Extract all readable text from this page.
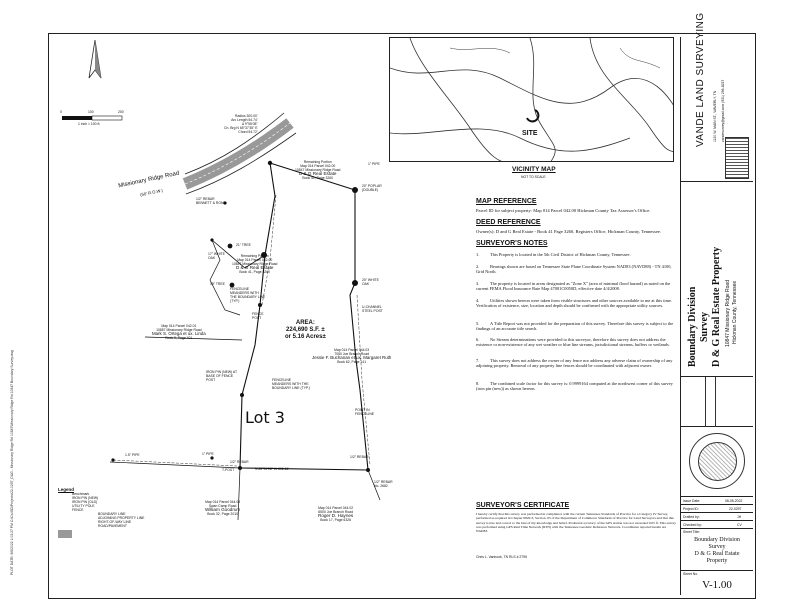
PLOT DATE: 9/6/2022 1:03:27 PM C:\Civil3D\Projects\22-0297_D&G - Missionary Ridge Rd 10847\Missionary Ridge Rd 10847 Boundary Survey.dwg
0	100	200
1 inch = 100 ft.
Missionary Ridge Road
(50' R.O.W.)
Radius 300.00'
Arc Length 54.74'
Δ 9°55'08"
Ch. Brg N 65°37'35" E
Chord 54.72'
Remaining Portion
Map 014 Parcel 042.00
10847 Missionary Ridge Road
D & G Real Estate
Book 41, Page 3260
Remaining Portion
Map 014 Parcel 042.00
10847 Missionary Ridge Road
D & G Real Estate
Book 41, Page 3260
AREA:
224,690 S.F. ±
or 5.16 Acres±
Lot 3
Map 014 Parcel 042.01
10857 Missionary Ridge Road
Mark S. Ortega et ux. Linda
Book 9, Page 401
Map 014 Parcel 044.03
7050 Joe Branch Road
Jessie F. Buchanan et ux. Margaret Ruth
Book 62, Page 141
Map 014 Parcel 044.08
Swan Camp Road
William Goodrum
Book 32, Page 2010
Map 014 Parcel 044.02
6500 Joe Branch Road
Roger D. Haynes
Book 17, Page 6326
1/2" REBAR
BENNETT & RONS
1" PIPE
20" POPLAR (DOUBLE)
21" TREE
17" WHITE OAK
18" TREE
20" WHITE OAK
FENCE POST
U-CHANNEL STEEL POST
IRON PIN (NEW) AT BASE OF FENCE POST
POINT IN FENCELINE
1/2" REBAR
1/2" REBAR
1" PIPE
1.5" PIPE
T-POST
FENCELINE MEANDERS WITH THE BOUNDARY LINE (TYP.)
FENCELINE MEANDERS WITH THE BOUNDARY LINE (TYP.)
N 88°34'58" W 392.15'
1/2" REBAR No. 2682
Legend
Benchmark
IRON PIN (NEW)
IRON PIN (OLD)
UTILITY POLE
FENCE
BOUNDARY LINE
ADJOINING PROPERTY LINE
RIGHT-OF-WAY LINE
ROAD/PAVEMENT
SITE
VICINITY MAP
NOT TO SCALE
MAP REFERENCE
Parcel ID for subject property: Map 014 Parcel 042.00 Hickman County Tax Assessor's Office.
DEED REFERENCE
Owner(s): D and G Real Estate - Book 41 Page 3260, Registers Office, Hickman County, Tennessee.
SURVEYOR'S NOTES
1. This Property is located in the 5th Civil District of Hickman County, Tennessee.
2. Bearings shown are based on Tennessee State Plane Coordinate System NAD83 (NAVD88) - TN 4100, Grid North.
3. The property is located in areas designated as "Zone X" (area of minimal flood hazard) as noted on the current FEMA Flood Insurance Rate Map 47081C0050D, effective date 4/4/2008.
4. Utilities shown hereon were taken from visible structures and other sources available to me at this time. Verification of existence, size, location and depth should be confirmed with the appropriate utility sources.
5. A Title Report was not provided for the preparation of this survey. Therefore this survey is subject to the findings of an accurate title search.
6. No Stream determinations were provided to this surveyor, therefore this survey does not address the existence or non-existence of any wet weather or blue line streams, jurisdictional streams, buffers or wetlands.
7. This survey does not address the owner of any fence nor address any adverse claim of ownership of any adjoining property. Removal of any property line fences should be coordinated with adjacent owner.
8. The combined scale factor for this survey is: 0.9999164 computed at the northwest corner of this survey (iron pin (new)) as shown hereon.
SURVEYOR'S CERTIFICATE
I hereby certify that this survey was performed in compliance with the current Tennessee Standards of Practice for a Category IV Survey, performed as required in Chapter 0820-3, Section .05 of the Department of Commerce Standards of Practice for Land Surveyors and that this survey is true and correct to the best of my knowledge and belief. Positional accuracy of the GPS station was not exceeded 0.05 ft. This survey was performed using GPS Real Time Network (RTN) with the Tennessee Geodetic Reference Network. Coordinates reported herein are NAD83.
Chris L. Vanhook, TN RLS # 2795
VANDE LAND SURVEYING 1120 W. MAIN ST., WAVERLY, TN vandesurvey@gmail.com (931) 296-8237
Boundary Division Survey D & G Real Estate Property 10847 Missionary Ridge Road Hickman County, Tennessee
Issue Date:	08-05-2022
Project ID:	22-0297
Drafted by:	JH
Checked by:	CV
Sheet Title:
Boundary Division
Survey
D & G Real Estate
Property
Sheet No.
V-1.00
